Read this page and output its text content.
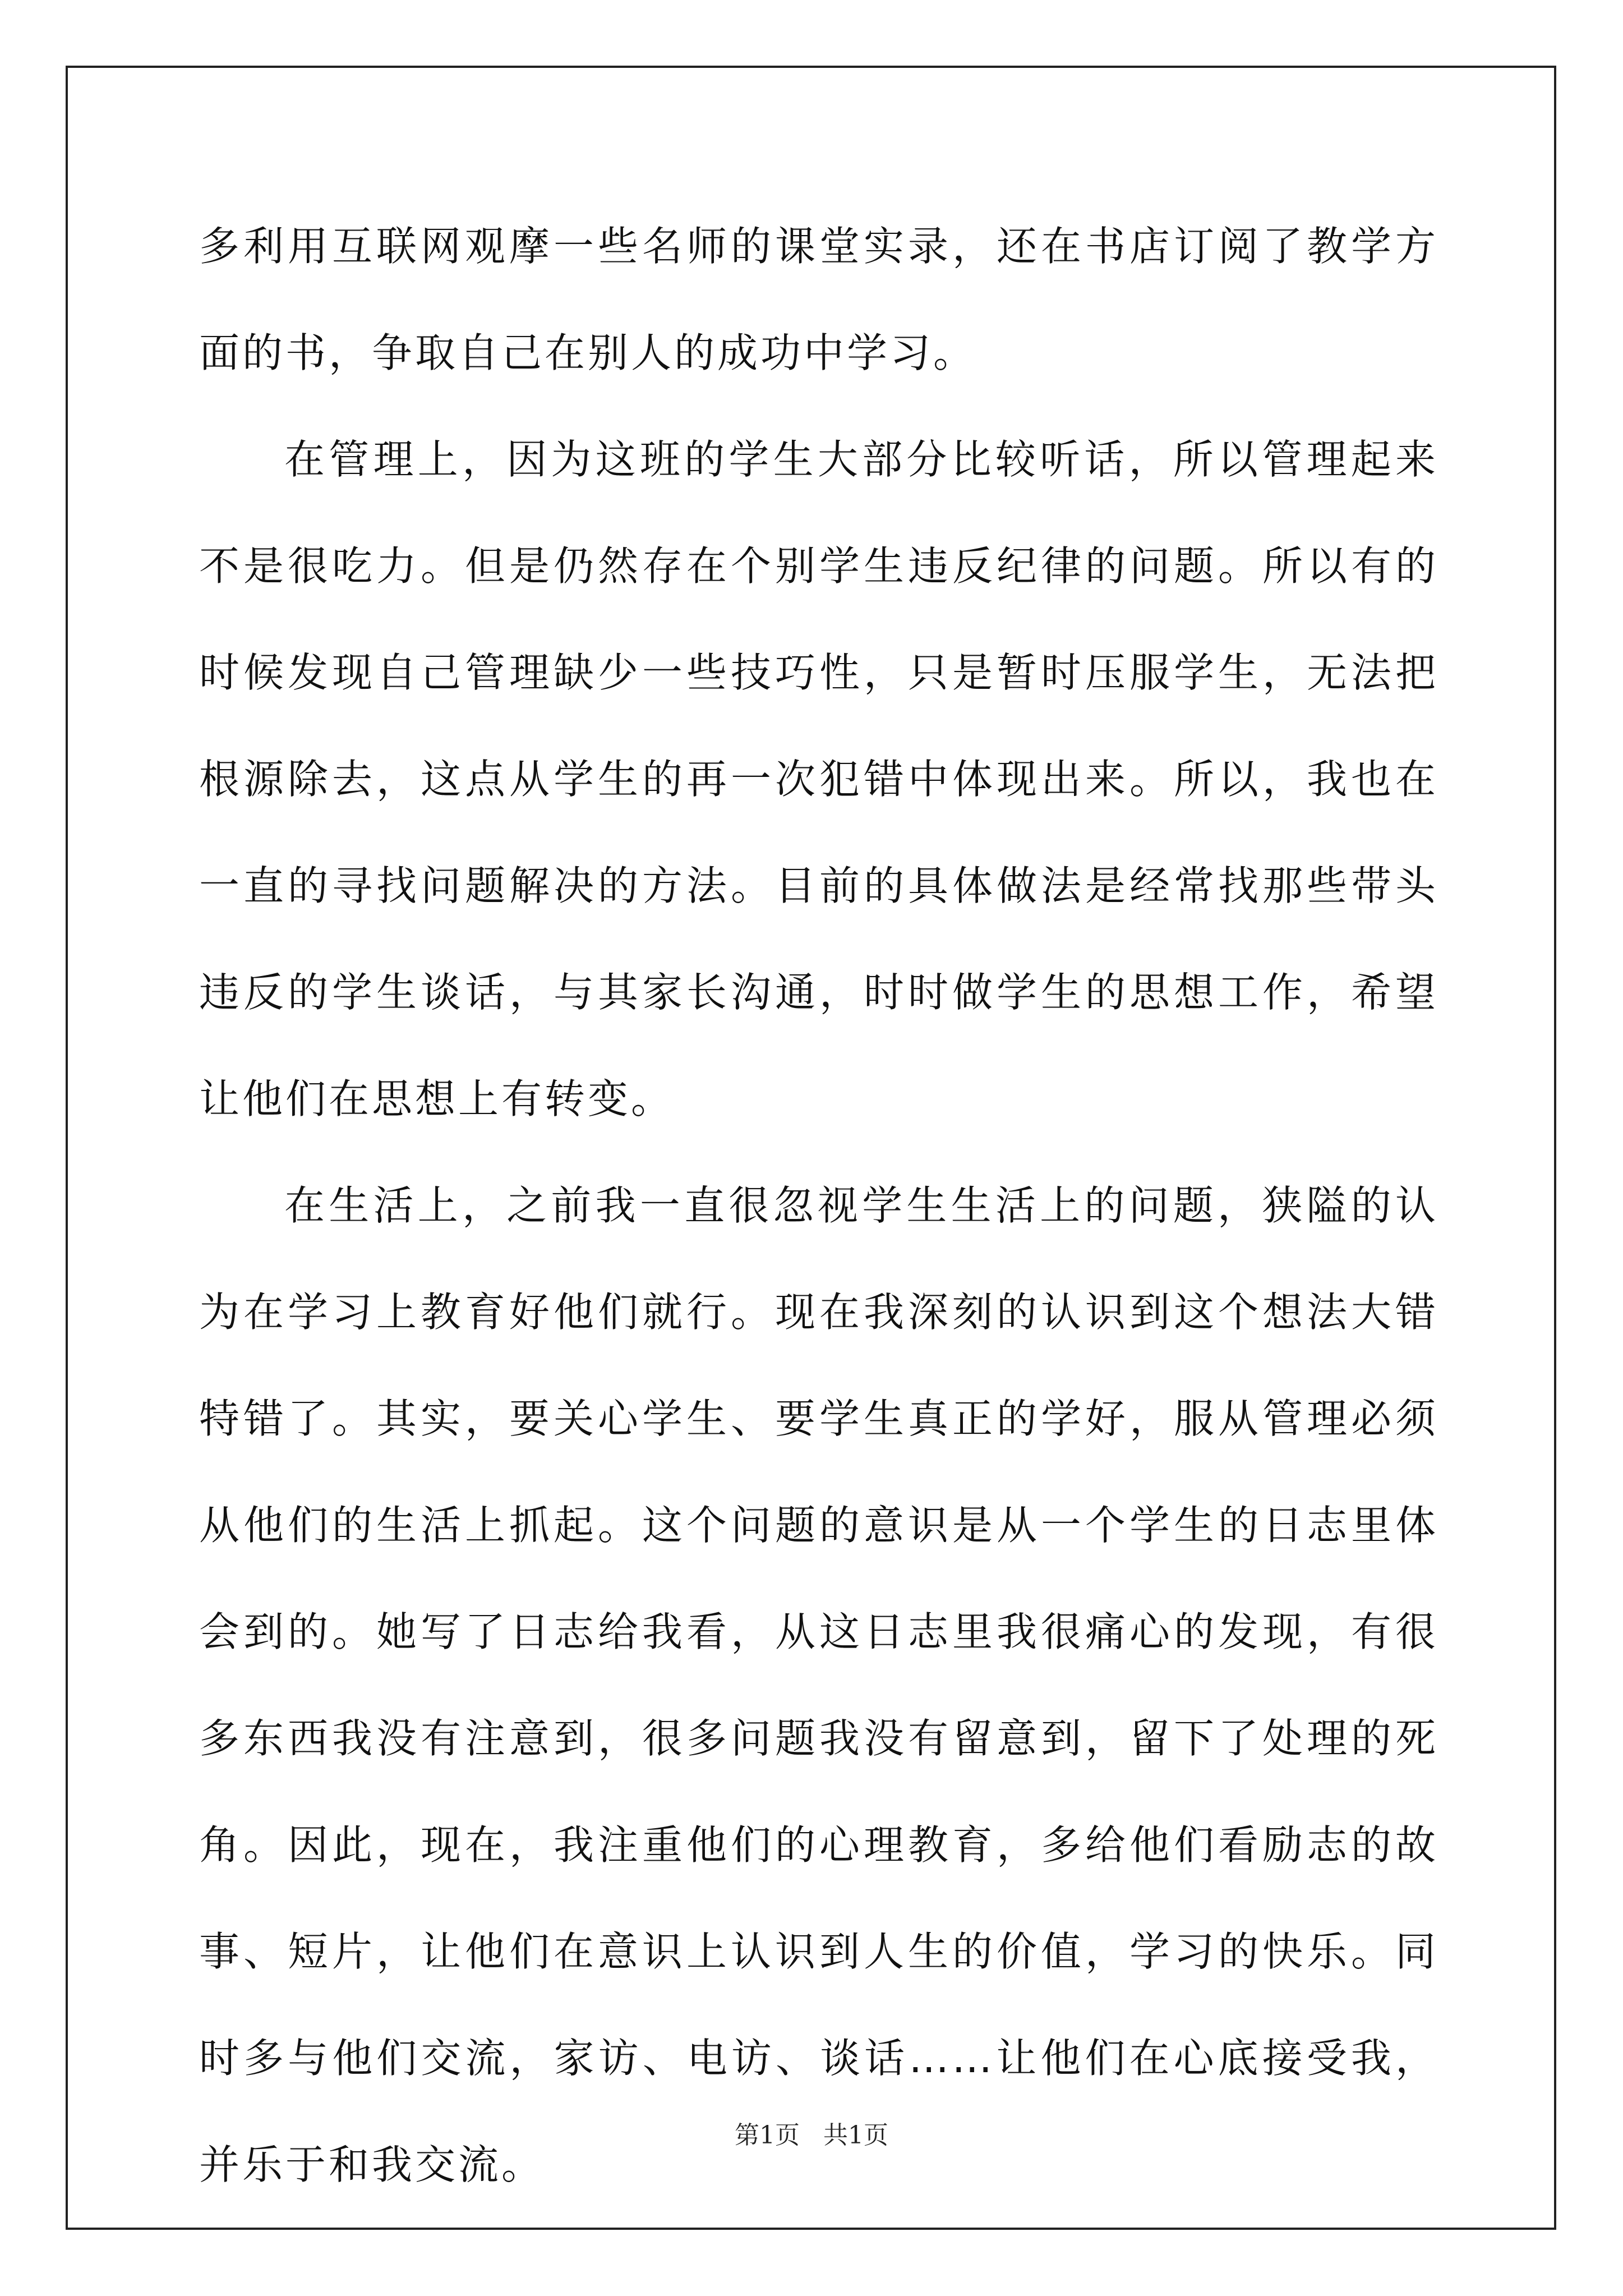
多利用互联网观摩一些名师的课堂实录，还在书店订阅了教学方面的书，争取自己在别人的成功中学习。

在管理上，因为这班的学生大部分比较听话，所以管理起来不是很吃力。但是仍然存在个别学生违反纪律的问题。所以有的时候发现自己管理缺少一些技巧性，只是暂时压服学生，无法把根源除去，这点从学生的再一次犯错中体现出来。所以，我也在一直的寻找问题解决的方法。目前的具体做法是经常找那些带头违反的学生谈话，与其家长沟通，时时做学生的思想工作，希望让他们在思想上有转变。

在生活上，之前我一直很忽视学生生活上的问题，狭隘的认为在学习上教育好他们就行。现在我深刻的认识到这个想法大错特错了。其实，要关心学生、要学生真正的学好，服从管理必须从他们的生活上抓起。这个问题的意识是从一个学生的日志里体会到的。她写了日志给我看，从这日志里我很痛心的发现，有很多东西我没有注意到，很多问题我没有留意到，留下了处理的死角。因此，现在，我注重他们的心理教育，多给他们看励志的故事、短片，让他们在意识上认识到人生的价值，学习的快乐。同时多与他们交流，家访、电访、谈话……让他们在心底接受我，并乐于和我交流。

第1页 共1页
